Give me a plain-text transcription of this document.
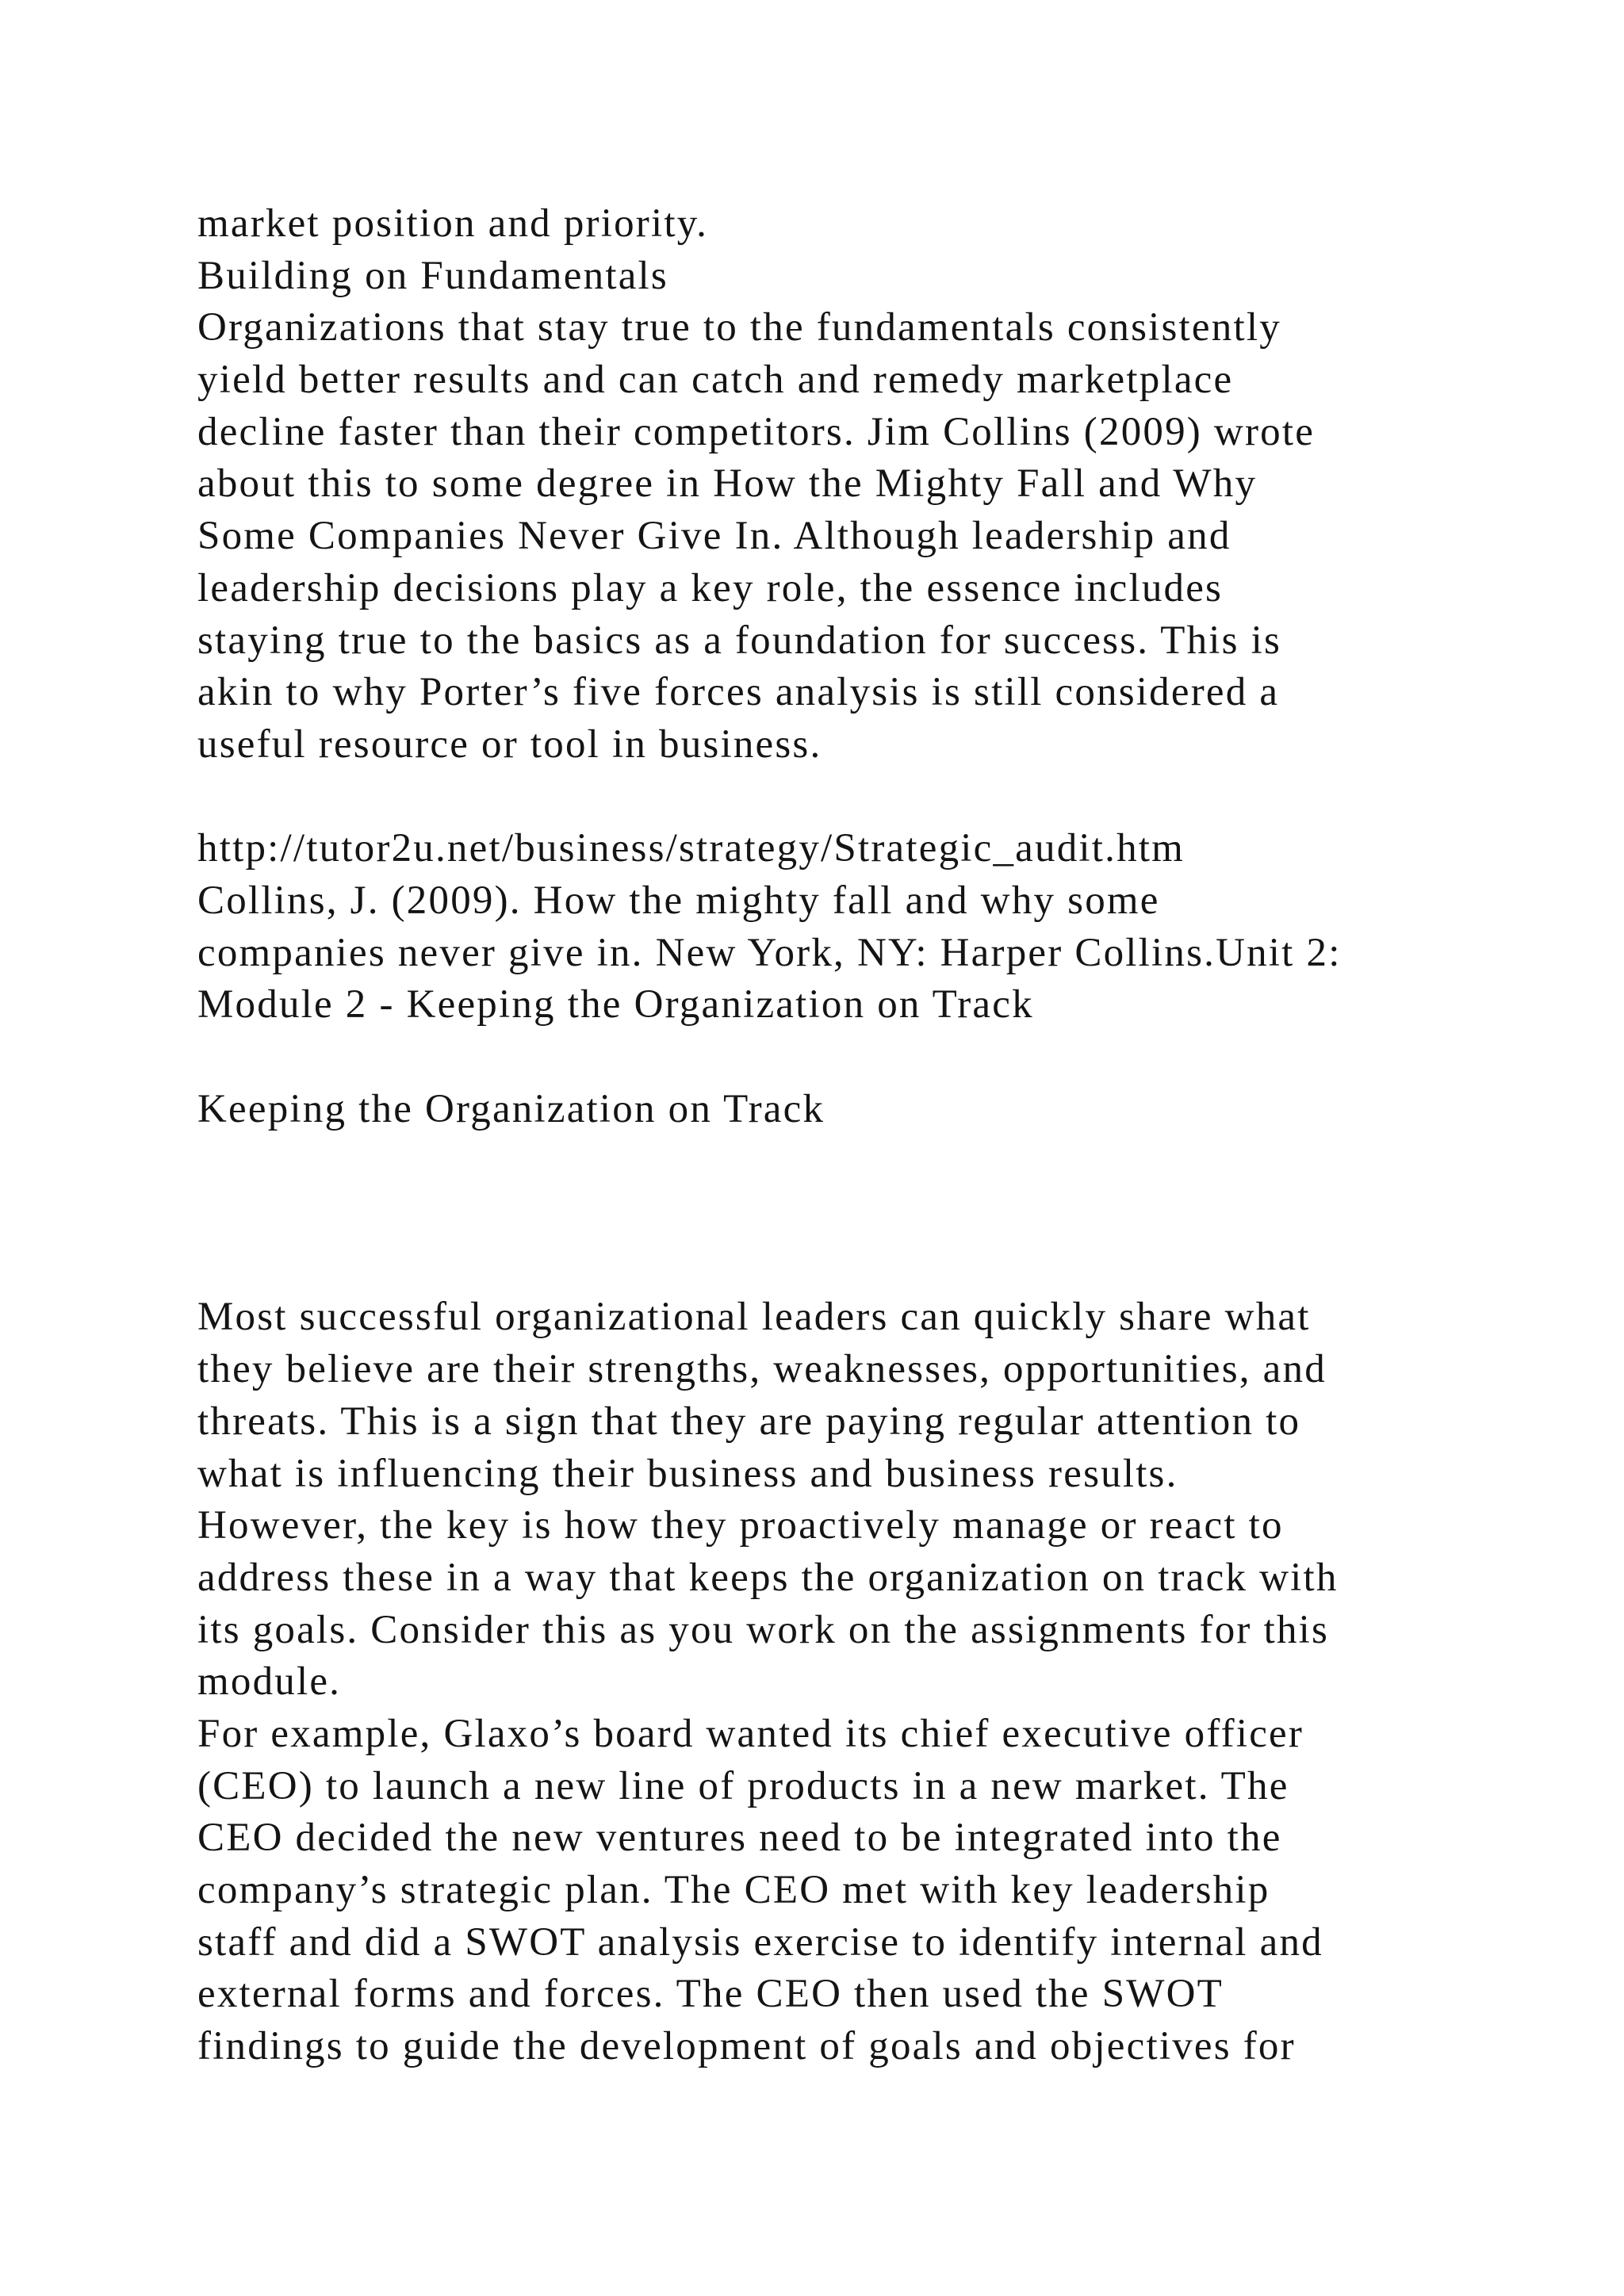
market position and priority.
Building on Fundamentals
Organizations that stay true to the fundamentals consistently
yield better results and can catch and remedy marketplace
decline faster than their competitors. Jim Collins (2009) wrote
about this to some degree in How the Mighty Fall and Why
Some Companies Never Give In. Although leadership and
leadership decisions play a key role, the essence includes
staying true to the basics as a foundation for success. This is
akin to why Porter’s five forces analysis is still considered a
useful resource or tool in business.
http://tutor2u.net/business/strategy/Strategic_audit.htm
Collins, J. (2009). How the mighty fall and why some
companies never give in. New York, NY: Harper Collins.Unit 2:
Module 2 - Keeping the Organization on Track
Keeping the Organization on Track
Most successful organizational leaders can quickly share what
they believe are their strengths, weaknesses, opportunities, and
threats. This is a sign that they are paying regular attention to
what is influencing their business and business results.
However, the key is how they proactively manage or react to
address these in a way that keeps the organization on track with
its goals. Consider this as you work on the assignments for this
module.
For example, Glaxo’s board wanted its chief executive officer
(CEO) to launch a new line of products in a new market. The
CEO decided the new ventures need to be integrated into the
company’s strategic plan. The CEO met with key leadership
staff and did a SWOT analysis exercise to identify internal and
external forms and forces. The CEO then used the SWOT
findings to guide the development of goals and objectives for
